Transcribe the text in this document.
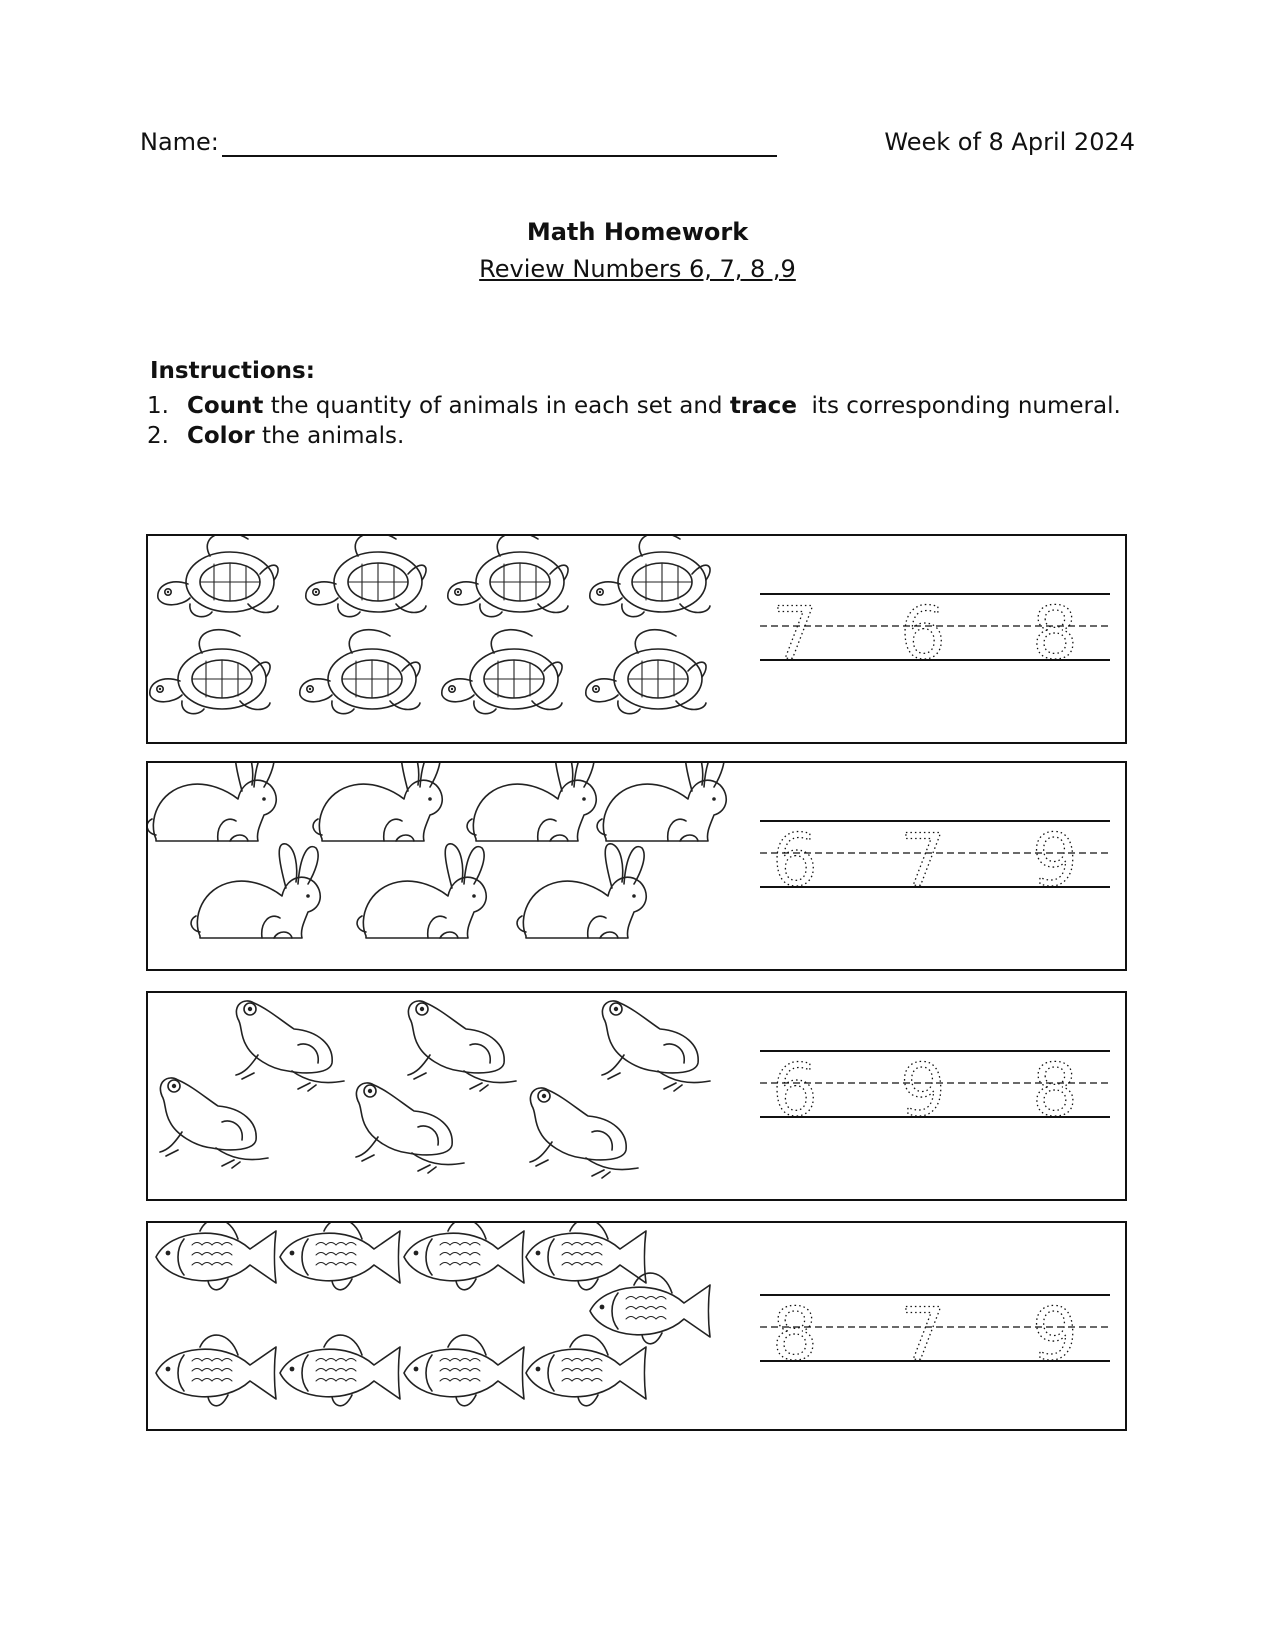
Name:	Week of 8 April 2024
Math Homework
Review Numbers 6, 7, 8 ,9
Instructions:
1. Count the quantity of animals in each set and trace  its corresponding numeral.
2. Color the animals.
7 6 8
6 7 9
6 9 8
8 7 9
